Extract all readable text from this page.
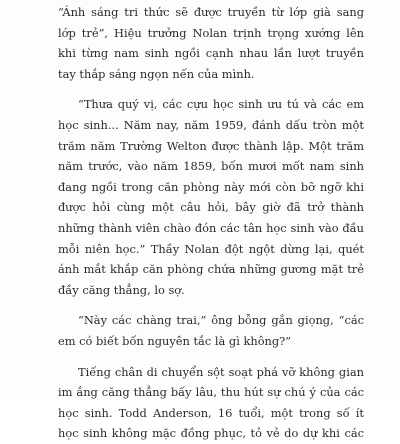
“Ánh sáng tri thức sẽ được truyền từ lớp già sang
lớp trẻ”, Hiệu trưởng Nolan trịnh trọng xướng lên
khi từng nam sinh ngồi cạnh nhau lần lượt truyền
tay thắp sáng ngọn nến của mình.
“Thưa quý vị, các cựu học sinh ưu tú và các em
học sinh... Năm nay, năm 1959, đánh dấu tròn một
trăm năm Trường Welton được thành lập. Một trăm
năm trước, vào năm 1859, bốn mươi mốt nam sinh
đang ngồi trong căn phòng này mới còn bỡ ngỡ khi
được hỏi cùng một câu hỏi, bây giờ đã trở thành
những thành viên chào đón các tân học sinh vào đầu
mỗi niên học.” Thầy Nolan đột ngột dừng lại, quét
ánh mắt khắp căn phòng chứa những gương mặt trẻ
đầy căng thẳng, lo sợ.
“Này các chàng trai,” ông bỗng gắn giọng, “các
em có biết bốn nguyên tắc là gì không?”
Tiếng chân di chuyển sột soạt phá vỡ không gian
im ắng căng thẳng bấy lâu, thu hút sự chú ý của các
học sinh. Todd Anderson, 16 tuổi, một trong số ít
học sinh không mặc đồng phục, tỏ vẻ do dự khi các
